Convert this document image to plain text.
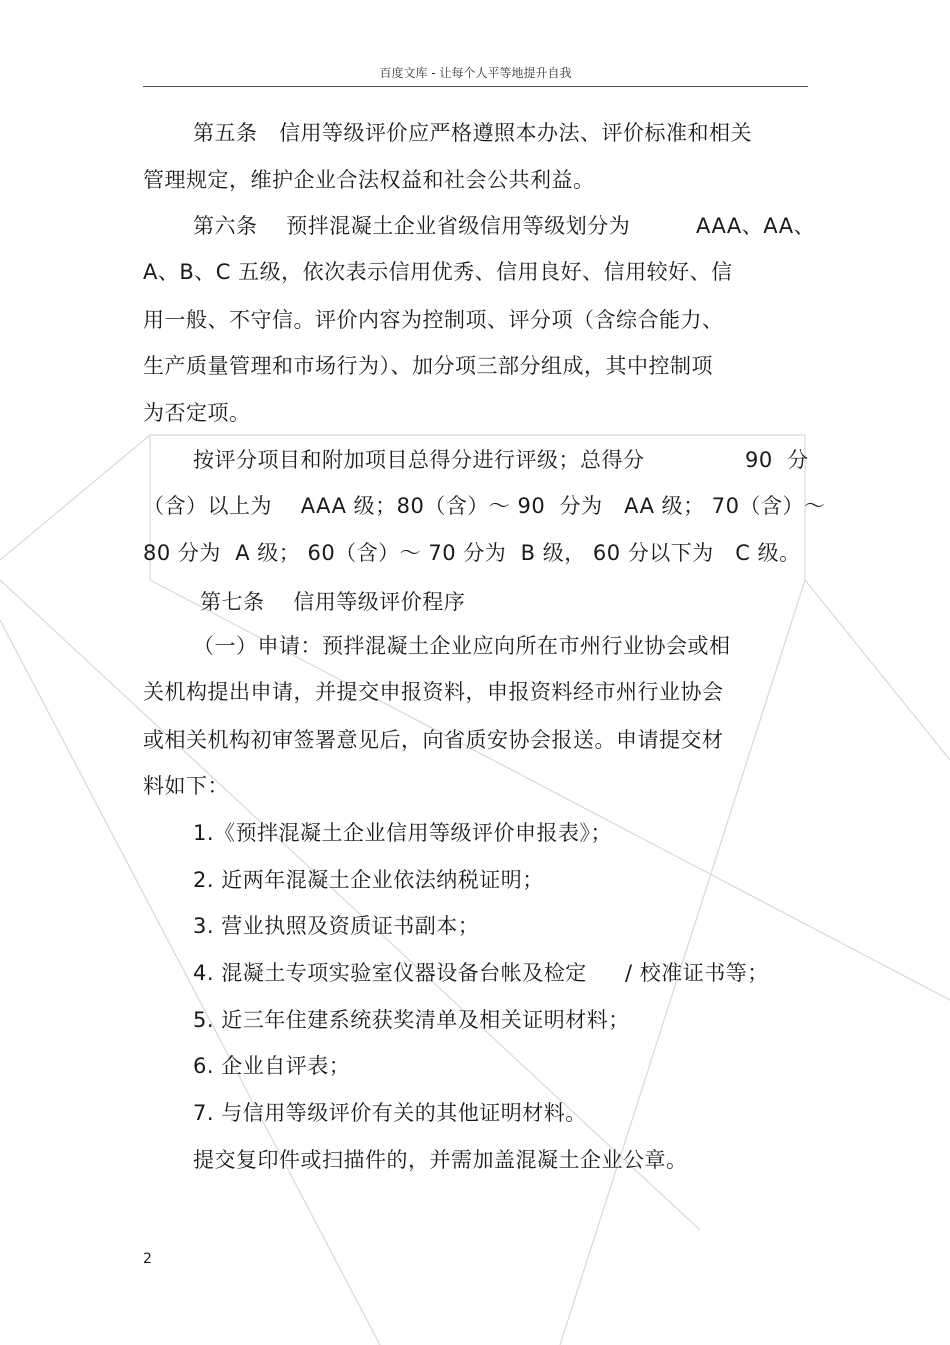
百度文库 - 让每个人平等地提升自我
第五条   信用等级评价应严格遵照本办法、评价标准和相关
管理规定，维护企业合法权益和社会公共利益。
第六条    预拌混凝土企业省级信用等级划分为	AAA、AA、
A、B、C 五级，依次表示信用优秀、信用良好、信用较好、信
用一般、不守信。评价内容为控制项、评分项（含综合能力、
生产质量管理和市场行为）、加分项三部分组成，其中控制项
为否定项。
按评分项目和附加项目总得分进行评级；总得分	90  分
（含）以上为    AAA 级；80（含）～ 90  分为   AA 级； 70（含）～
80 分为  A 级； 60（含）～ 70 分为  B 级， 60 分以下为   C 级。
第七条    信用等级评价程序
（一）申请：预拌混凝土企业应向所在市州行业协会或相
关机构提出申请，并提交申报资料，申报资料经市州行业协会
或相关机构初审签署意见后，向省质安协会报送。申请提交材
料如下：
1.《预拌混凝土企业信用等级评价申报表》；
2. 近两年混凝土企业依法纳税证明；
3. 营业执照及资质证书副本；
4. 混凝土专项实验室仪器设备台帐及检定 / 校准证书等；
5. 近三年住建系统获奖清单及相关证明材料；
6. 企业自评表；
7. 与信用等级评价有关的其他证明材料。
提交复印件或扫描件的，并需加盖混凝土企业公章。
2
